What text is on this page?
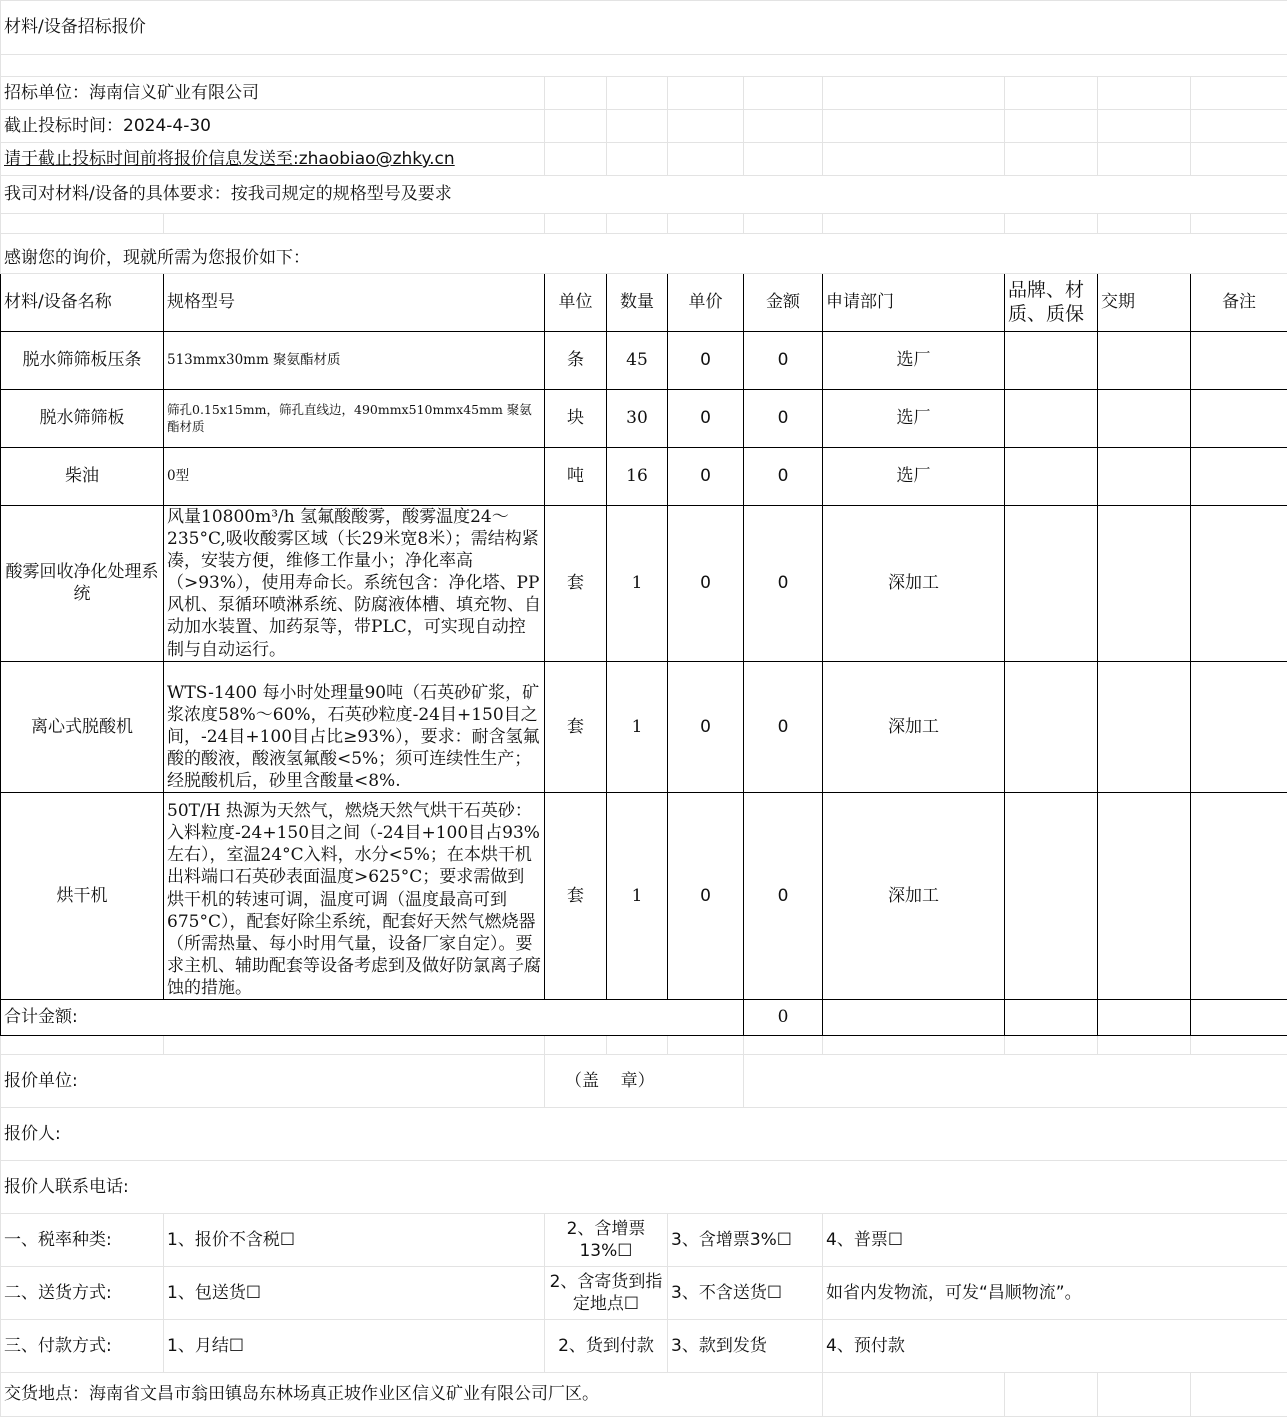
材料/设备招标报价									

招标单位：海南信义矿业有限公司									
截止投标时间：2024-4-30									
请于截止投标时间前将报价信息发送至:zhaobiao@zhky.cn									
我司对材料/设备的具体要求：按我司规定的规格型号及要求									

感谢您的询价，现就所需为您报价如下：									
材料/设备名称	规格型号	单位	数量	单价	金额	申请部门	品牌、材质、质保	交期	备注
脱水筛筛板压条	513mmx30mm 聚氨酯材质	条	45	0	0	选厂			
脱水筛筛板	筛孔0.15x15mm，筛孔直线边，490mmx510mmx45mm 聚氨酯材质	块	30	0	0	选厂			
柴油	0型	吨	16	0	0	选厂			
酸雾回收净化处理系统	风量10800m³/h 氢氟酸酸雾，酸雾温度24～235°C,吸收酸雾区域（长29米宽8米）；需结构紧凑，安装方便，维修工作量小；净化率高（>93%），使用寿命长。系统包含：净化塔、PP风机、泵循环喷淋系统、防腐液体槽、填充物、自动加水装置、加药泵等，带PLC，可实现自动控制与自动运行。	套	1	0	0	深加工			
离心式脱酸机	WTS-1400 每小时处理量90吨（石英砂矿浆，矿浆浓度58%～60%，石英砂粒度-24目+150目之间，-24目+100目占比≥93%），要求：耐含氢氟酸的酸液，酸液氢氟酸<5%；须可连续性生产；经脱酸机后，砂里含酸量<8%.	套	1	0	0	深加工			
烘干机	50T/H 热源为天然气，燃烧天然气烘干石英砂：入料粒度-24+150目之间（-24目+100目占93%左右），室温24°C入料，水分<5%；在本烘干机出料端口石英砂表面温度>625°C；要求需做到烘干机的转速可调，温度可调（温度最高可到675°C），配套好除尘系统，配套好天然气燃烧器（所需热量、每小时用气量，设备厂家自定）。要求主机、辅助配套等设备考虑到及做好防氯离子腐蚀的措施。	套	1	0	0	深加工			
合计金额:					0				

报价单位:		（盖    章）							
报价人:									
报价人联系电话:									
一、税率种类:	1、报价不含税☐	2、含增票13%☐		3、含增票3%☐		4、普票☐			
二、送货方式:	1、包送货☐	2、含寄货到指定地点☐		3、不含送货☐		如省内发物流，可发“昌顺物流”。			
三、付款方式:	1、月结☐	2、货到付款		3、款到发货		4、预付款			
交货地点：海南省文昌市翁田镇岛东林场真正坡作业区信义矿业有限公司厂区。									
